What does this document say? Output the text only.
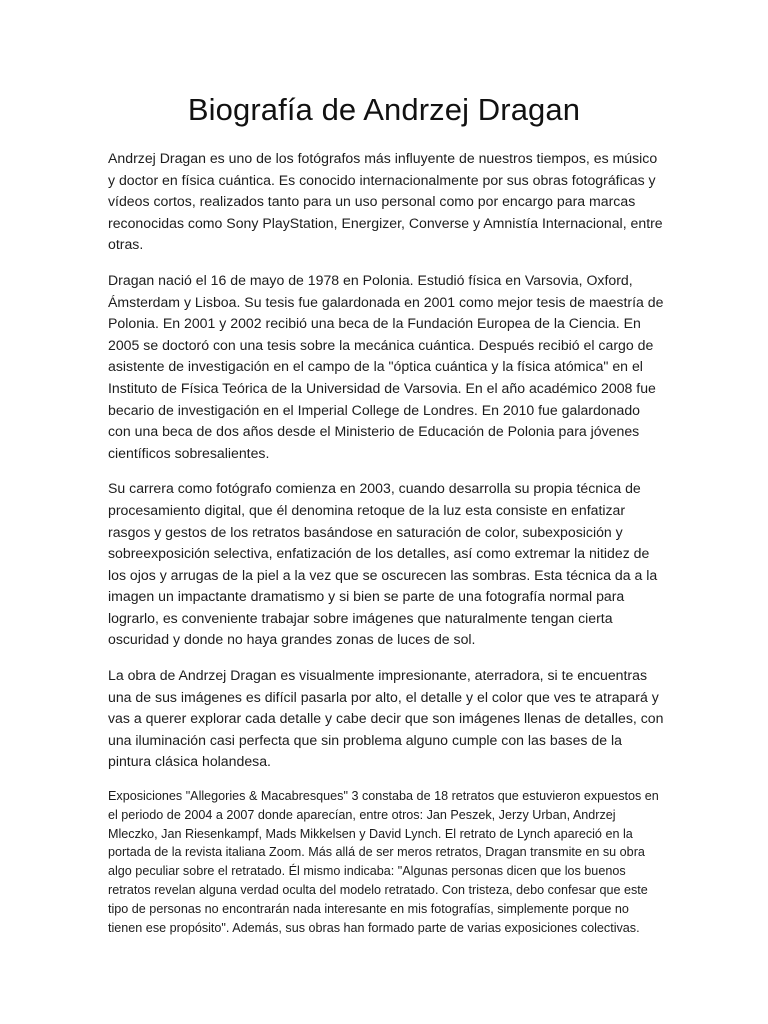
Biografía de Andrzej Dragan

Andrzej Dragan es uno de los fotógrafos más influyente de nuestros tiempos, es músico y doctor en física cuántica. Es conocido internacionalmente por sus obras fotográficas y vídeos cortos, realizados tanto para un uso personal como por encargo para marcas reconocidas como Sony PlayStation, Energizer, Converse y Amnistía Internacional, entre otras.

Dragan nació el 16 de mayo de 1978 en Polonia. Estudió física en Varsovia, Oxford, Ámsterdam y Lisboa. Su tesis fue galardonada en 2001 como mejor tesis de maestría de Polonia. En 2001 y 2002 recibió una beca de la Fundación Europea de la Ciencia. En 2005 se doctoró con una tesis sobre la mecánica cuántica. Después recibió el cargo de asistente de investigación en el campo de la "óptica cuántica y la física atómica" en el Instituto de Física Teórica de la Universidad de Varsovia. En el año académico 2008 fue becario de investigación en el Imperial College de Londres. En 2010 fue galardonado con una beca de dos años desde el Ministerio de Educación de Polonia para jóvenes científicos sobresalientes.

Su carrera como fotógrafo comienza en 2003, cuando desarrolla su propia técnica de procesamiento digital, que él denomina retoque de la luz esta consiste en enfatizar rasgos y gestos de los retratos basándose en saturación de color, subexposición y sobreexposición selectiva, enfatización de los detalles, así como extremar la nitidez de los ojos y arrugas de la piel a la vez que se oscurecen las sombras. Esta técnica da a la imagen un impactante dramatismo y si bien se parte de una fotografía normal para lograrlo, es conveniente trabajar sobre imágenes que naturalmente tengan cierta oscuridad y donde no haya grandes zonas de luces de sol.

La obra de Andrzej Dragan es visualmente impresionante, aterradora, si te encuentras una de sus imágenes es difícil pasarla por alto, el detalle y el color que ves te atrapará y vas a querer explorar cada detalle y cabe decir que son imágenes llenas de detalles, con una iluminación casi perfecta que sin problema alguno cumple con las bases de la pintura clásica holandesa.

Exposiciones "Allegories & Macabresques" 3 constaba de 18 retratos que estuvieron expuestos en el periodo de 2004 a 2007 donde aparecían, entre otros: Jan Peszek, Jerzy Urban, Andrzej Mleczko, Jan Riesenkampf, Mads Mikkelsen y David Lynch. El retrato de Lynch apareció en la portada de la revista italiana Zoom. Más allá de ser meros retratos, Dragan transmite en su obra algo peculiar sobre el retratado. Él mismo indicaba: "Algunas personas dicen que los buenos retratos revelan alguna verdad oculta del modelo retratado. Con tristeza, debo confesar que este tipo de personas no encontrarán nada interesante en mis fotografías, simplemente porque no tienen ese propósito". Además, sus obras han formado parte de varias exposiciones colectivas.
